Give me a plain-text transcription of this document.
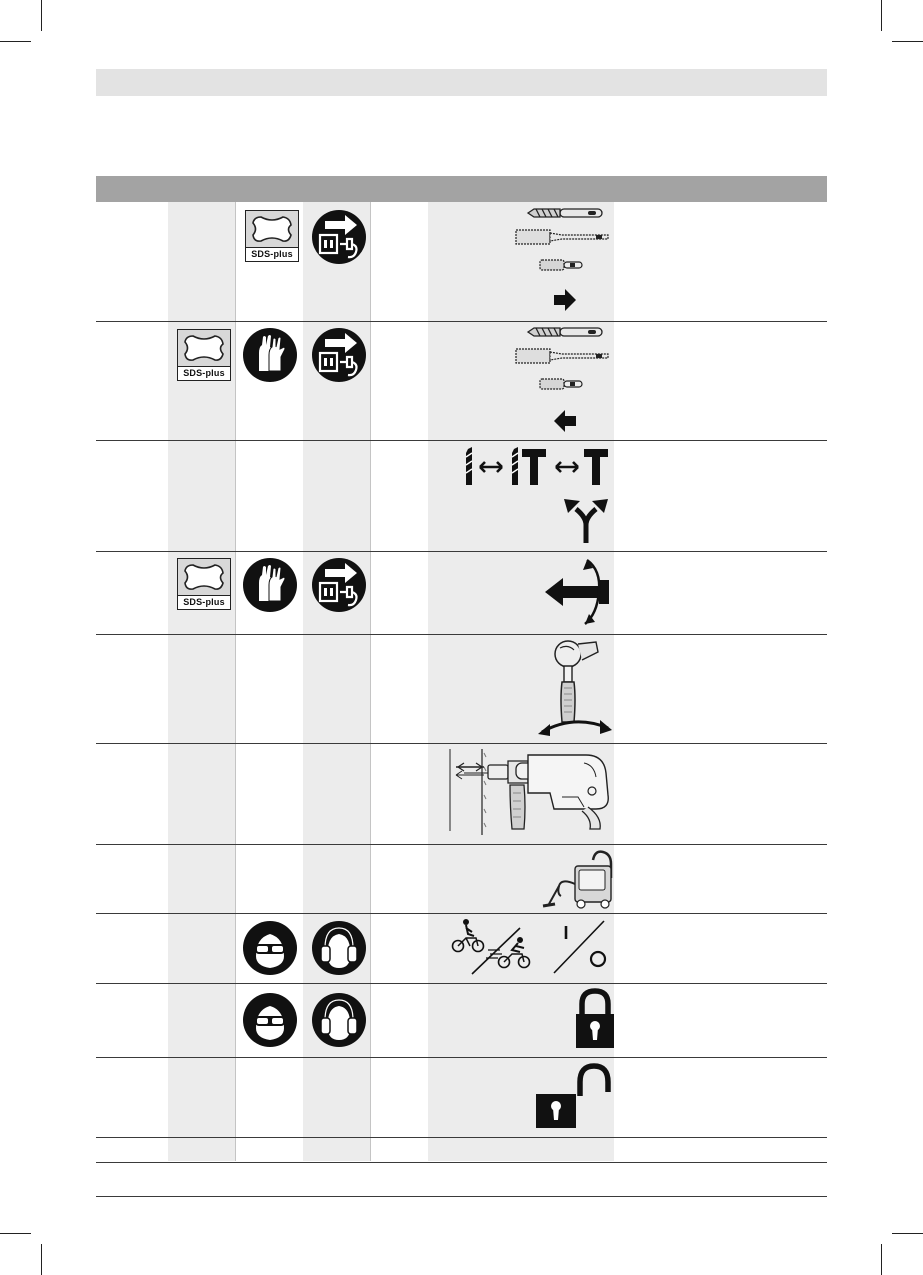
SDS-plus
SDS-plus
SDS-plus
I
